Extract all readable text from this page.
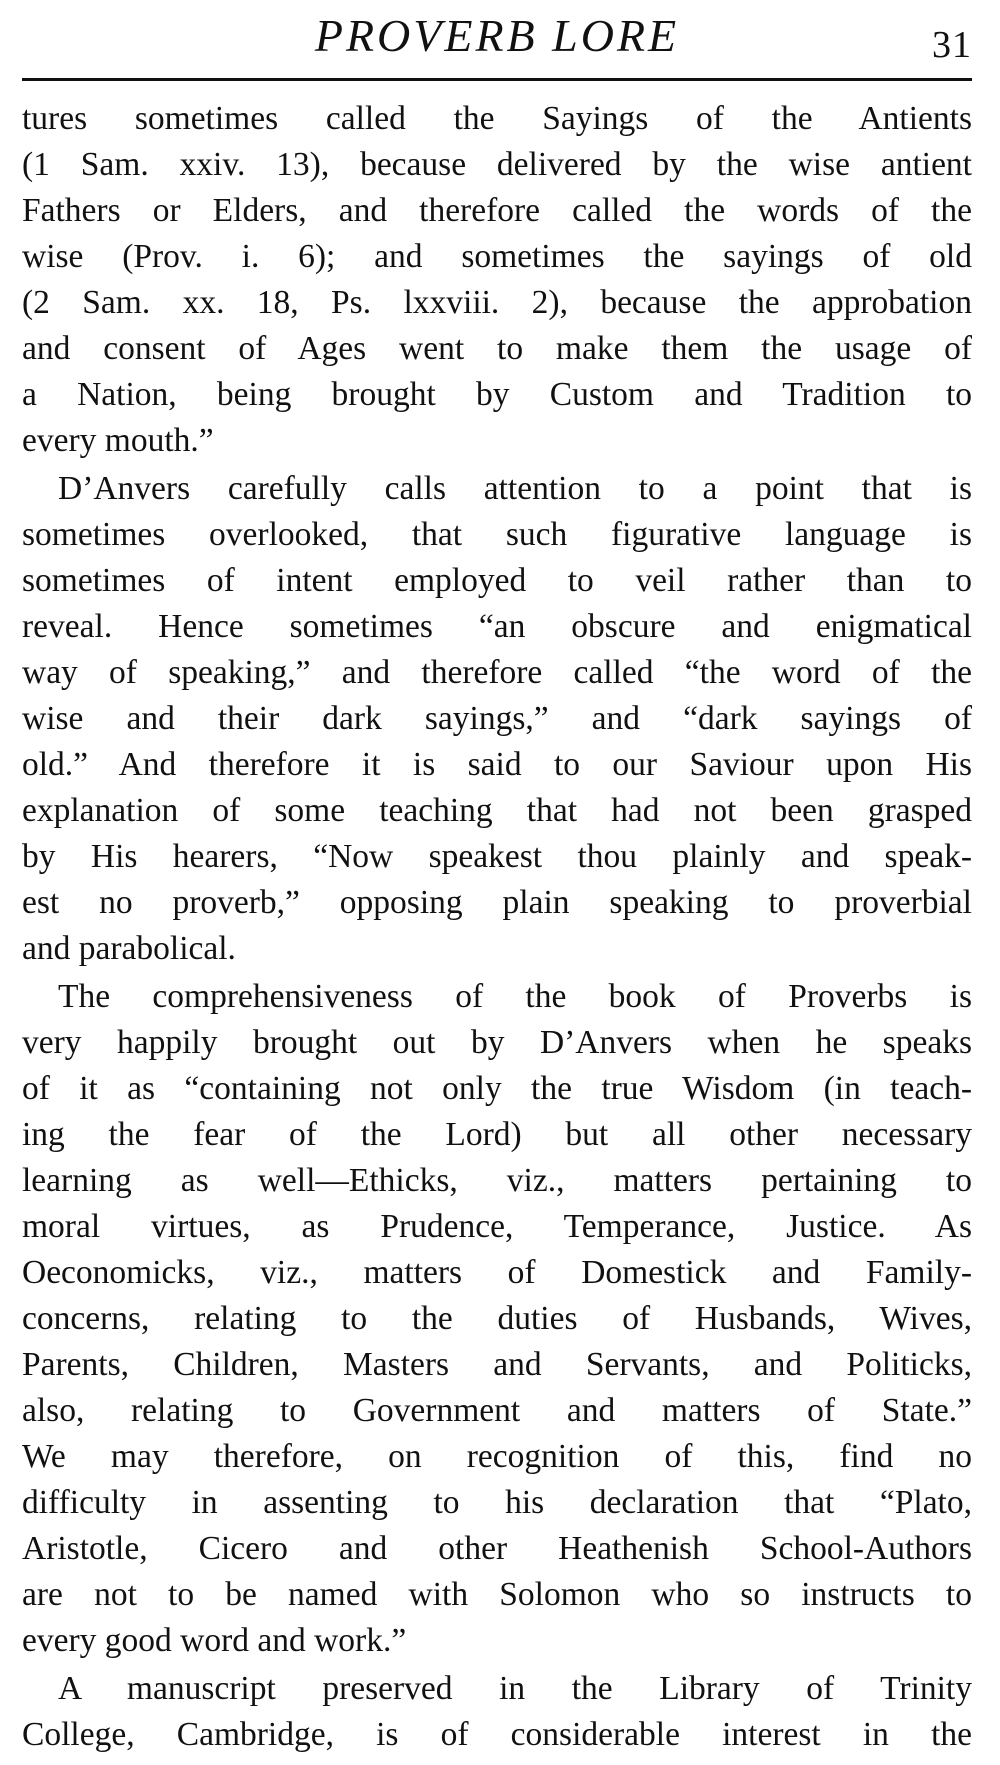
PROVERB LORE	31
tures sometimes called the Sayings of the Antients
(1 Sam. xxiv. 13), because delivered by the wise antient
Fathers or Elders, and therefore called the words of the
wise (Prov. i. 6); and sometimes the sayings of old
(2 Sam. xx. 18, Ps. lxxviii. 2), because the approbation
and consent of Ages went to make them the usage of
a Nation, being brought by Custom and Tradition to
every mouth.”
D’Anvers carefully calls attention to a point that is
sometimes overlooked, that such figurative language is
sometimes of intent employed to veil rather than to
reveal. Hence sometimes “an obscure and enigmatical
way of speaking,” and therefore called “the word of the
wise and their dark sayings,” and “dark sayings of
old.” And therefore it is said to our Saviour upon His
explanation of some teaching that had not been grasped
by His hearers, “Now speakest thou plainly and speak-
est no proverb,” opposing plain speaking to proverbial
and parabolical.
The comprehensiveness of the book of Proverbs is
very happily brought out by D’Anvers when he speaks
of it as “containing not only the true Wisdom (in teach-
ing the fear of the Lord) but all other necessary
learning as well—Ethicks, viz., matters pertaining to
moral virtues, as Prudence, Temperance, Justice. As
Oeconomicks, viz., matters of Domestick and Family-
concerns, relating to the duties of Husbands, Wives,
Parents, Children, Masters and Servants, and Politicks,
also, relating to Government and matters of State.”
We may therefore, on recognition of this, find no
difficulty in assenting to his declaration that “Plato,
Aristotle, Cicero and other Heathenish School-Authors
are not to be named with Solomon who so instructs to
every good word and work.”
A manuscript preserved in the Library of Trinity
College, Cambridge, is of considerable interest in the
